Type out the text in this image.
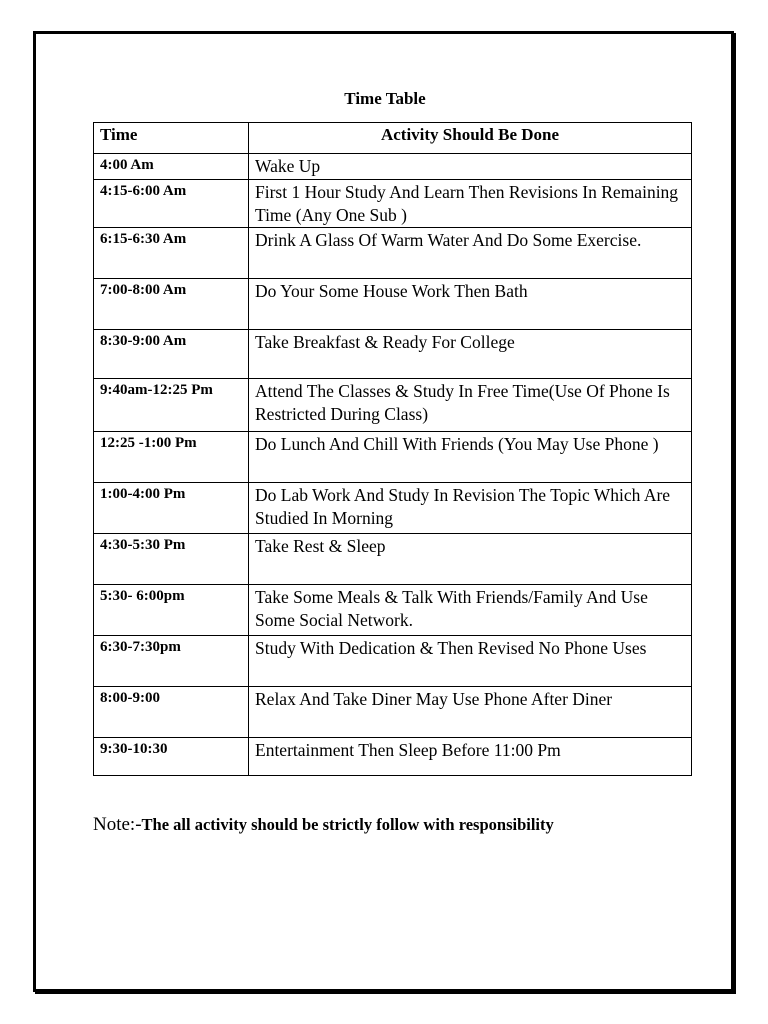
Time Table
Time	Activity Should Be Done
4:00 Am	Wake Up
4:15-6:00 Am	First 1 Hour Study And Learn Then Revisions In Remaining Time (Any One Sub )
6:15-6:30 Am	Drink A Glass Of Warm Water And Do Some Exercise.
7:00-8:00 Am	Do Your Some House Work Then Bath
8:30-9:00 Am	Take Breakfast & Ready For College
9:40am-12:25 Pm	Attend The Classes & Study In Free Time(Use Of Phone Is Restricted During Class)
12:25 -1:00 Pm	Do Lunch And Chill With Friends (You May Use Phone )
1:00-4:00 Pm	Do Lab Work And Study In Revision The Topic Which Are Studied In Morning
4:30-5:30 Pm	Take Rest & Sleep
5:30- 6:00pm	Take Some Meals & Talk With Friends/Family And Use Some Social Network.
6:30-7:30pm	Study With Dedication & Then Revised No Phone Uses
8:00-9:00	Relax And Take Diner May Use Phone After Diner
9:30-10:30	Entertainment Then Sleep Before 11:00 Pm
Note:-The all activity should be strictly follow with responsibility
